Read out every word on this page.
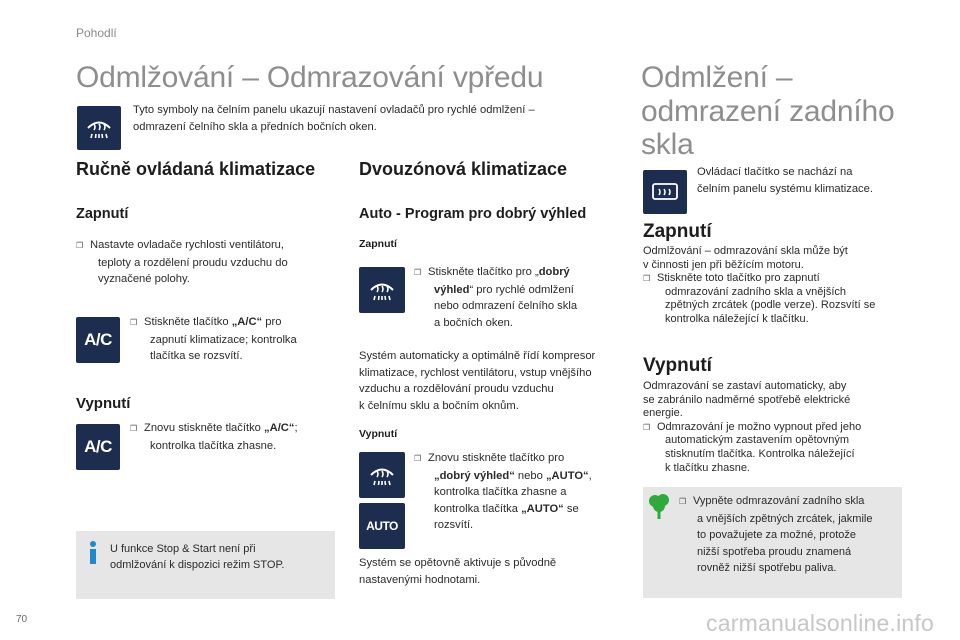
Pohodlí
Odmlžování – Odmrazování vpředu
Tyto symboly na čelním panelu ukazují nastavení ovladačů pro rychlé odmlžení –
odmrazení čelního skla a předních bočních oken.
Ručně ovládaná klimatizace
Zapnutí
❒ Nastavte ovladače rychlosti ventilátoru,
teploty a rozdělení proudu vzduchu do
vyznačené polohy.
A/C
❒ Stiskněte tlačítko „A/C“ pro
zapnutí klimatizace; kontrolka
tlačítka se rozsvítí.
Vypnutí
A/C
❒ Znovu stiskněte tlačítko „A/C“;
kontrolka tlačítka zhasne.
U funkce Stop & Start není při
odmlžování k dispozici režim STOP.
Dvouzónová klimatizace
Auto - Program pro dobrý výhled
Zapnutí
❒ Stiskněte tlačítko pro „dobrý
výhled“ pro rychlé odmlžení
nebo odmrazení čelního skla
a bočních oken.
Systém automaticky a optimálně řídí kompresor
klimatizace, rychlost ventilátoru, vstup vnějšího
vzduchu a rozdělování proudu vzduchu
k čelnímu sklu a bočním oknům.
Vypnutí
AUTO
❒ Znovu stiskněte tlačítko pro
„dobrý výhled“ nebo „AUTO“,
kontrolka tlačítka zhasne a
kontrolka tlačítka „AUTO“ se
rozsvítí.
Systém se opětovně aktivuje s původně
nastavenými hodnotami.
Odmlžení –
odmrazení zadního
skla
Ovládací tlačítko se nachází na
čelním panelu systému klimatizace.
Zapnutí
Odmlžování – odmrazování skla může být
v činnosti jen při běžícím motoru.
❒ Stiskněte toto tlačítko pro zapnutí
odmrazování zadního skla a vnějších
zpětných zrcátek (podle verze). Rozsvítí se
kontrolka náležející k tlačítku.
Vypnutí
Odmrazování se zastaví automaticky, aby
se zabránilo nadměrné spotřebě elektrické
energie.
❒ Odmrazování je možno vypnout před jeho
automatickým zastavením opětovným
stisknutím tlačítka. Kontrolka náležející
k tlačítku zhasne.
❒ Vypněte odmrazování zadního skla
a vnějších zpětných zrcátek, jakmile
to považujete za možné, protože
nižší spotřeba proudu znamená
rovněž nižší spotřebu paliva.
70	carmanualsonline.info
